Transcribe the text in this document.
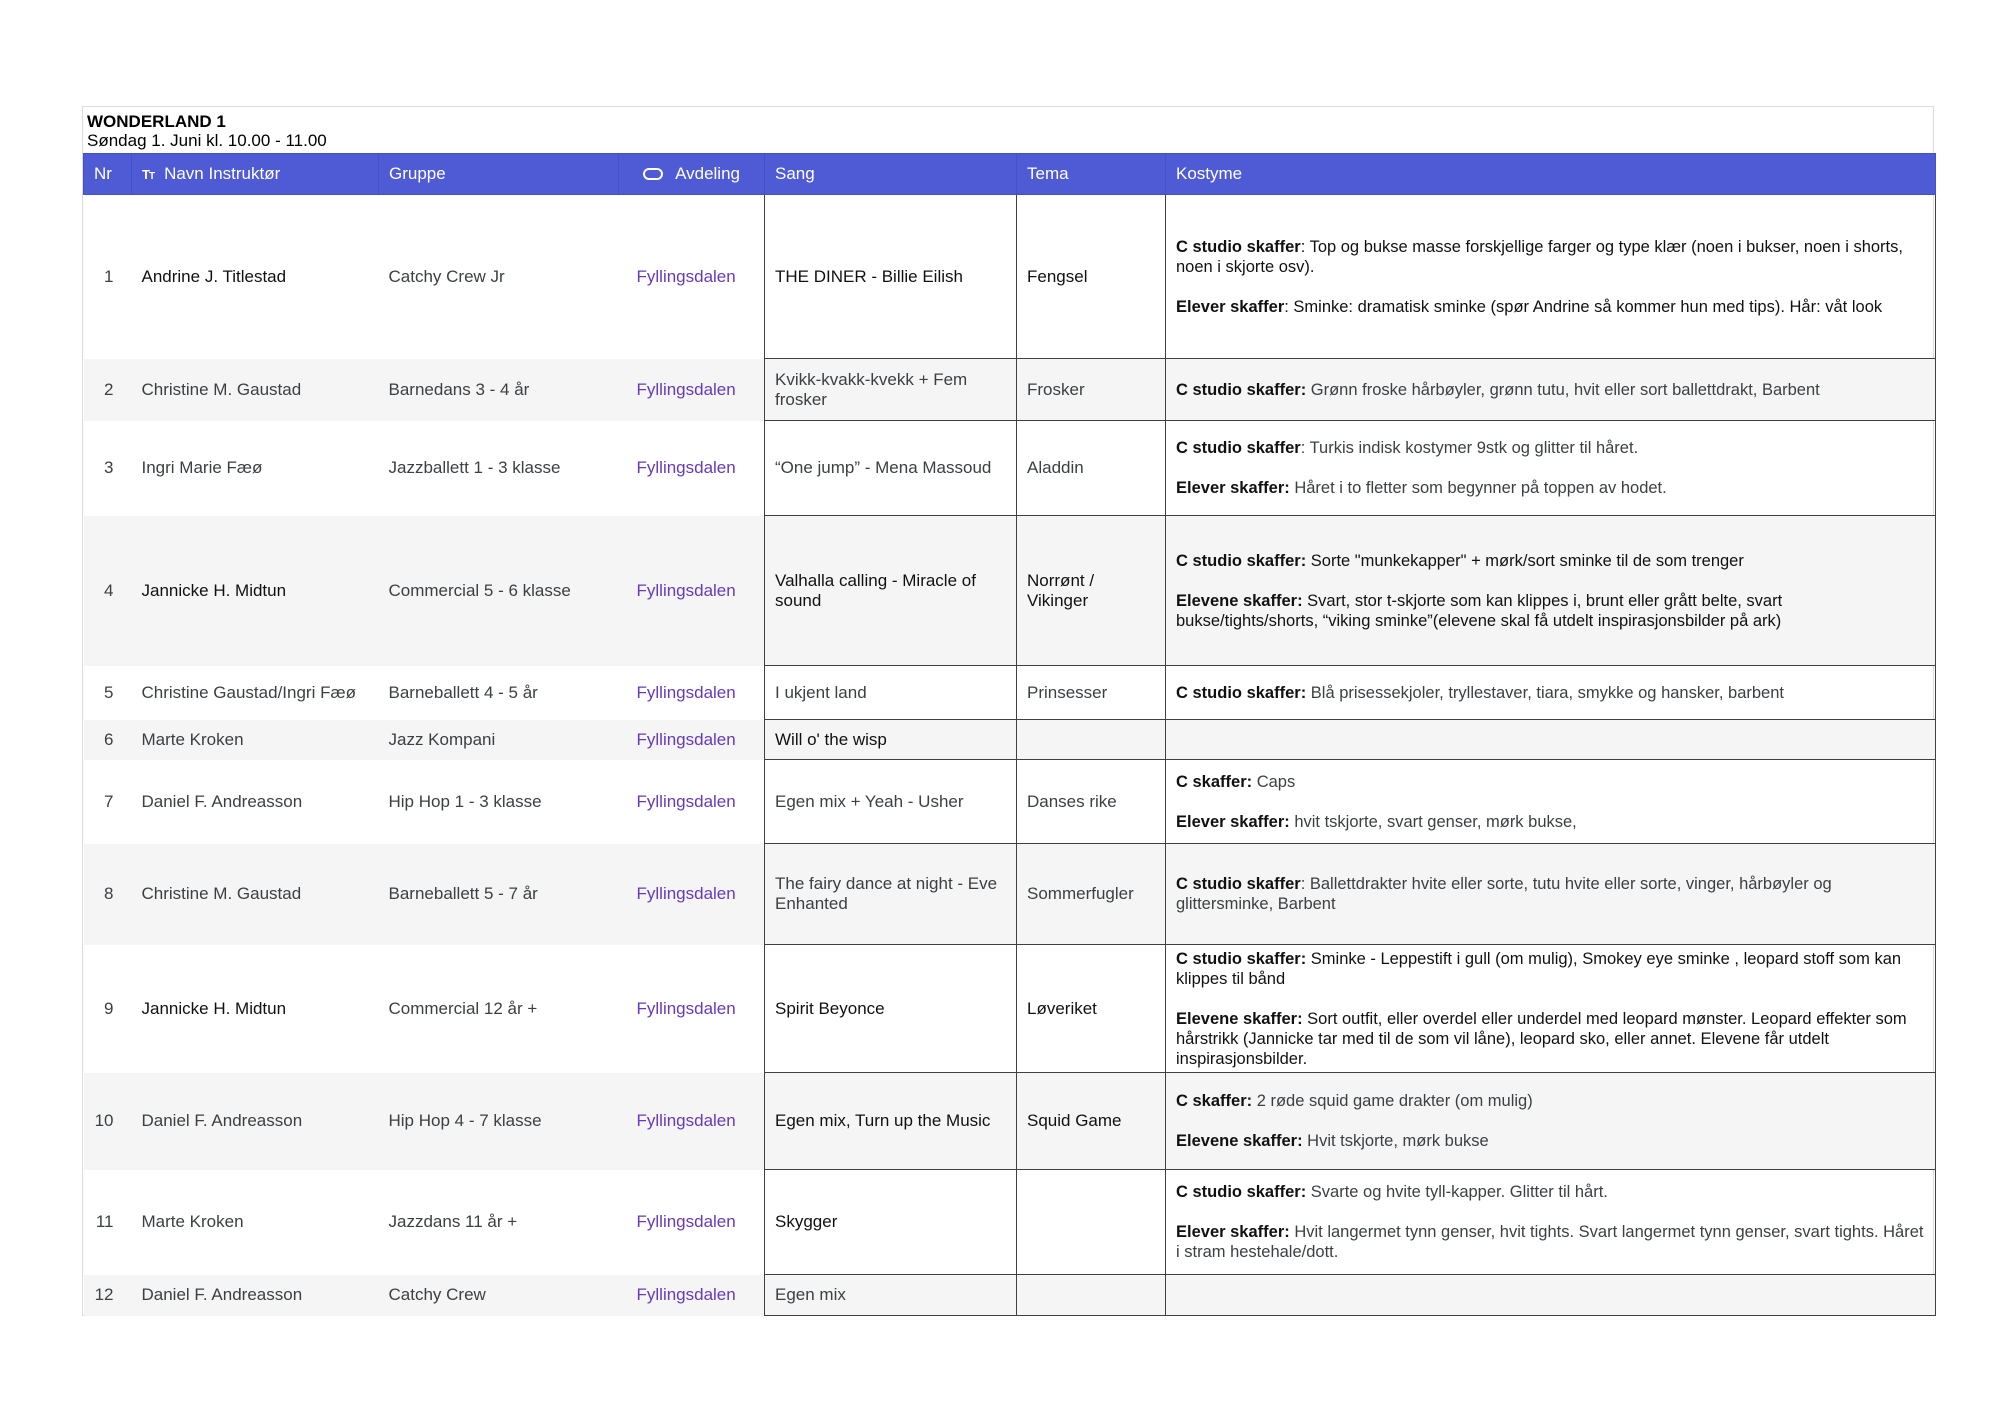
WONDERLAND 1
Søndag 1. Juni kl. 10.00 - 11.00
Nr	TT Navn Instruktør	Gruppe	Avdeling	Sang	Tema	Kostyme
1	Andrine J. Titlestad	Catchy Crew Jr	Fyllingsdalen	THE DINER - Billie Eilish	Fengsel	C studio skaffer: Top og bukse masse forskjellige farger og type klær (noen i bukser, noen i shorts, noen i skjorte osv).
Elever skaffer: Sminke: dramatisk sminke (spør Andrine så kommer hun med tips). Hår: våt look

2	Christine M. Gaustad	Barnedans 3 - 4 år	Fyllingsdalen	Kvikk-kvakk-kvekk + Fem frosker	Frosker	C studio skaffer: Grønn froske hårbøyler, grønn tutu, hvit eller sort ballettdrakt, Barbent

3	Ingri Marie Fæø	Jazzballett 1 - 3 klasse	Fyllingsdalen	“One jump” - Mena Massoud	Aladdin	C studio skaffer: Turkis indisk kostymer 9stk og glitter til håret.
Elever skaffer: Håret i to fletter som begynner på toppen av hodet.

4	Jannicke H. Midtun	Commercial 5 - 6 klasse	Fyllingsdalen	Valhalla calling - Miracle of sound	Norrønt / Vikinger	C studio skaffer: Sorte "munkekapper" + mørk/sort sminke til de som trenger
Elevene skaffer: Svart, stor t-skjorte som kan klippes i, brunt eller grått belte, svart bukse/tights/shorts, “viking sminke”(elevene skal få utdelt inspirasjonsbilder på ark)

5	Christine Gaustad/Ingri Fæø	Barneballett 4 - 5 år	Fyllingsdalen	I ukjent land	Prinsesser	C studio skaffer: Blå prisessekjoler, tryllestaver, tiara, smykke og hansker, barbent

6	Marte Kroken	Jazz Kompani	Fyllingsdalen	Will o' the wisp		
7	Daniel F. Andreasson	Hip Hop 1 - 3 klasse	Fyllingsdalen	Egen mix + Yeah - Usher	Danses rike	C skaffer: Caps
Elever skaffer: hvit tskjorte, svart genser, mørk bukse,

8	Christine M. Gaustad	Barneballett 5 - 7 år	Fyllingsdalen	The fairy dance at night - Eve Enhanted	Sommerfugler	C studio skaffer: Ballettdrakter hvite eller sorte, tutu hvite eller sorte, vinger, hårbøyler og glittersminke, Barbent

9	Jannicke H. Midtun	Commercial 12 år +	Fyllingsdalen	Spirit Beyonce	Løveriket	C studio skaffer: Sminke - Leppestift i gull (om mulig), Smokey eye sminke , leopard stoff som kan klippes til bånd
Elevene skaffer: Sort outfit, eller overdel eller underdel med leopard mønster. Leopard effekter som hårstrikk (Jannicke tar med til de som vil låne), leopard sko, eller annet. Elevene får utdelt inspirasjonsbilder.

10	Daniel F. Andreasson	Hip Hop 4 - 7 klasse	Fyllingsdalen	Egen mix, Turn up the Music	Squid Game	C skaffer: 2 røde squid game drakter (om mulig)
Elevene skaffer: Hvit tskjorte, mørk bukse

11	Marte Kroken	Jazzdans 11 år +	Fyllingsdalen	Skygger		C studio skaffer: Svarte og hvite tyll-kapper. Glitter til hårt.
Elever skaffer: Hvit langermet tynn genser, hvit tights. Svart langermet tynn genser, svart tights. Håret i stram hestehale/dott.

12	Daniel F. Andreasson	Catchy Crew	Fyllingsdalen	Egen mix		
